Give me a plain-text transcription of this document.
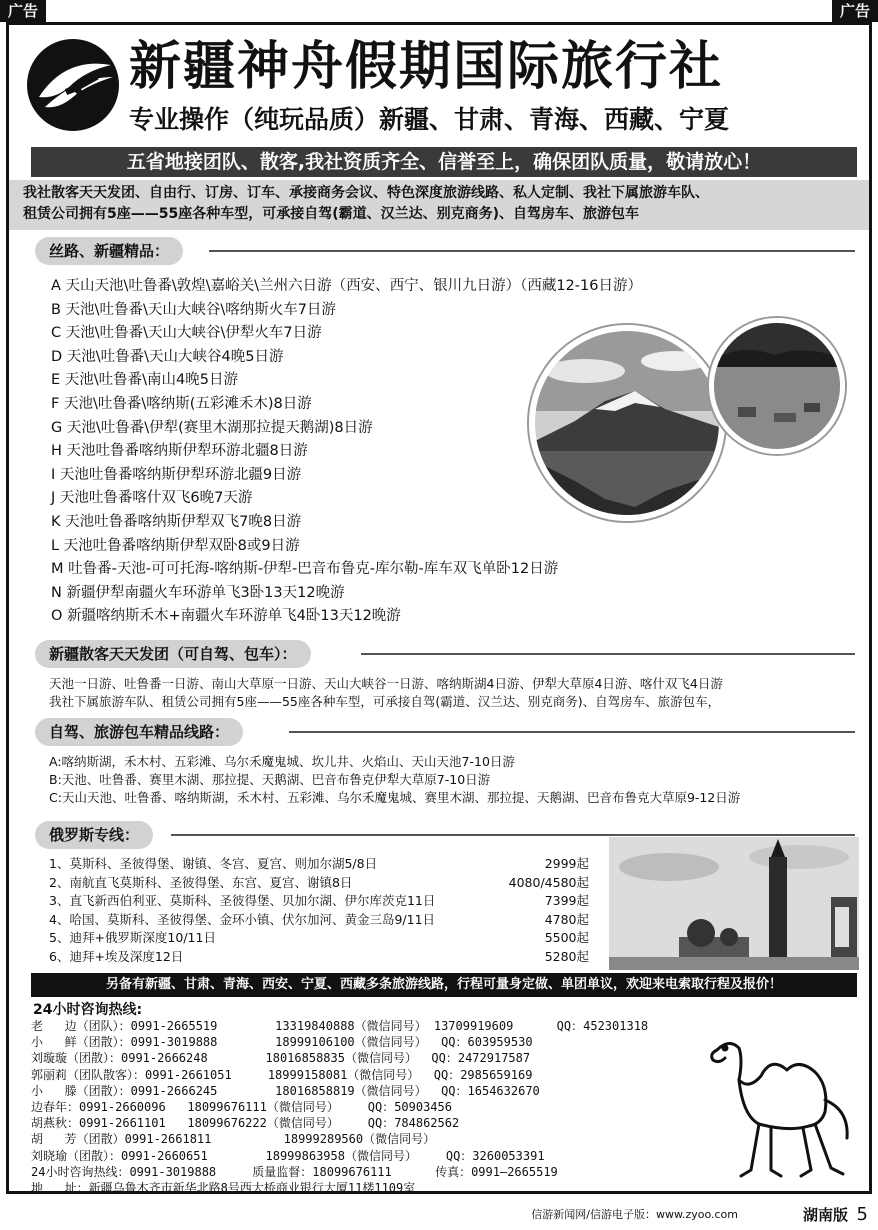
广告	广告
新疆神舟假期国际旅行社
专业操作（纯玩品质）新疆、甘肃、青海、西藏、宁夏
五省地接团队、散客,我社资质齐全、信誉至上，确保团队质量，敬请放心！
我社散客天天发团、自由行、订房、订车、承接商务会议、特色深度旅游线路、私人定制、我社下属旅游车队、
租赁公司拥有5座——55座各种车型，可承接自驾(霸道、汉兰达、别克商务)、自驾房车、旅游包车
丝路、新疆精品：
A 天山天池\吐鲁番\敦煌\嘉峪关\兰州六日游（西安、西宁、银川九日游）（西藏12-16日游）
B 天池\吐鲁番\天山大峡谷\喀纳斯火车7日游
C 天池\吐鲁番\天山大峡谷\伊犁火车7日游
D 天池\吐鲁番\天山大峡谷4晚5日游
E 天池\吐鲁番\南山4晚5日游
F 天池\吐鲁番\喀纳斯(五彩滩禾木)8日游
G 天池\吐鲁番\伊犁(赛里木湖那拉提天鹅湖)8日游
H 天池吐鲁番喀纳斯伊犁环游北疆8日游
I 天池吐鲁番喀纳斯伊犁环游北疆9日游
J 天池吐鲁番喀什双飞6晚7天游
K 天池吐鲁番喀纳斯伊犁双飞7晚8日游
L 天池吐鲁番喀纳斯伊犁双卧8或9日游
M 吐鲁番-天池-可可托海-喀纳斯-伊犁-巴音布鲁克-库尔勒-库车双飞单卧12日游
N 新疆伊犁南疆火车环游单飞3卧13天12晚游
O 新疆喀纳斯禾木+南疆火车环游单飞4卧13天12晚游
新疆散客天天发团（可自驾、包车）：
天池一日游、吐鲁番一日游、南山大草原一日游、天山大峡谷一日游、喀纳斯湖4日游、伊犁大草原4日游、喀什双飞4日游
我社下属旅游车队、租赁公司拥有5座——55座各种车型，可承接自驾(霸道、汉兰达、别克商务)、自驾房车、旅游包车，
自驾、旅游包车精品线路：
A:喀纳斯湖，禾木村、五彩滩、乌尔禾魔鬼城、坎儿井、火焰山、天山天池7-10日游
B:天池、吐鲁番、赛里木湖、那拉提、天鹅湖、巴音布鲁克伊犁大草原7-10日游
C:天山天池、吐鲁番、喀纳斯湖，禾木村、五彩滩、乌尔禾魔鬼城、赛里木湖、那拉提、天鹅湖、巴音布鲁克大草原9-12日游
俄罗斯专线：
1、莫斯科、圣彼得堡、谢镇、冬宫、夏宫、则加尔湖5/8日	2999起
2、南航直飞莫斯科、圣彼得堡、东宫、夏宫、谢镇8日	4080/4580起
3、直飞新西伯利亚、莫斯科、圣彼得堡、贝加尔湖、伊尔库茨克11日	7399起
4、哈国、莫斯科、圣彼得堡、金环小镇、伏尔加河、黄金三岛9/11日	4780起
5、迪拜+俄罗斯深度10/11日	5500起
6、迪拜+埃及深度12日	5280起
另备有新疆、甘肃、青海、西安、宁夏、西藏多条旅游线路，行程可量身定做、单团单议，欢迎来电索取行程及报价！
24小时咨询热线:
老   边（团队）：0991-2665519        13319840888（微信同号） 13709919609      QQ：452301318
小   鲜（团散）：0991-3019888        18999106100（微信同号）  QQ：603959530
刘璇璇（团散）：0991-2666248        18016858835（微信同号）  QQ：2472917587
郭丽莉（团队散客）：0991-2661051     18999158081（微信同号）  QQ：2985659169
小   滕（团散）：0991-2666245        18016858819（微信同号）  QQ：1654632670
边春年：0991-2660096   18099676111（微信同号）    QQ：50903456
胡燕秋：0991-2661101   18099676222（微信同号）    QQ：784862562
胡   芳（团散）0991-2661811          18999289560（微信同号）
刘晓瑜（团散）：0991-2660651        18999863958（微信同号）    QQ：3260053391
24小时咨询热线：0991-3019888     质量监督：18099676111      传真：0991—2665519
地   址：新疆乌鲁木齐市新华北路8号西大桥商业银行大厦11楼1109室
信游新闻网/信游电子版：www.zyoo.com	湖南版 5
